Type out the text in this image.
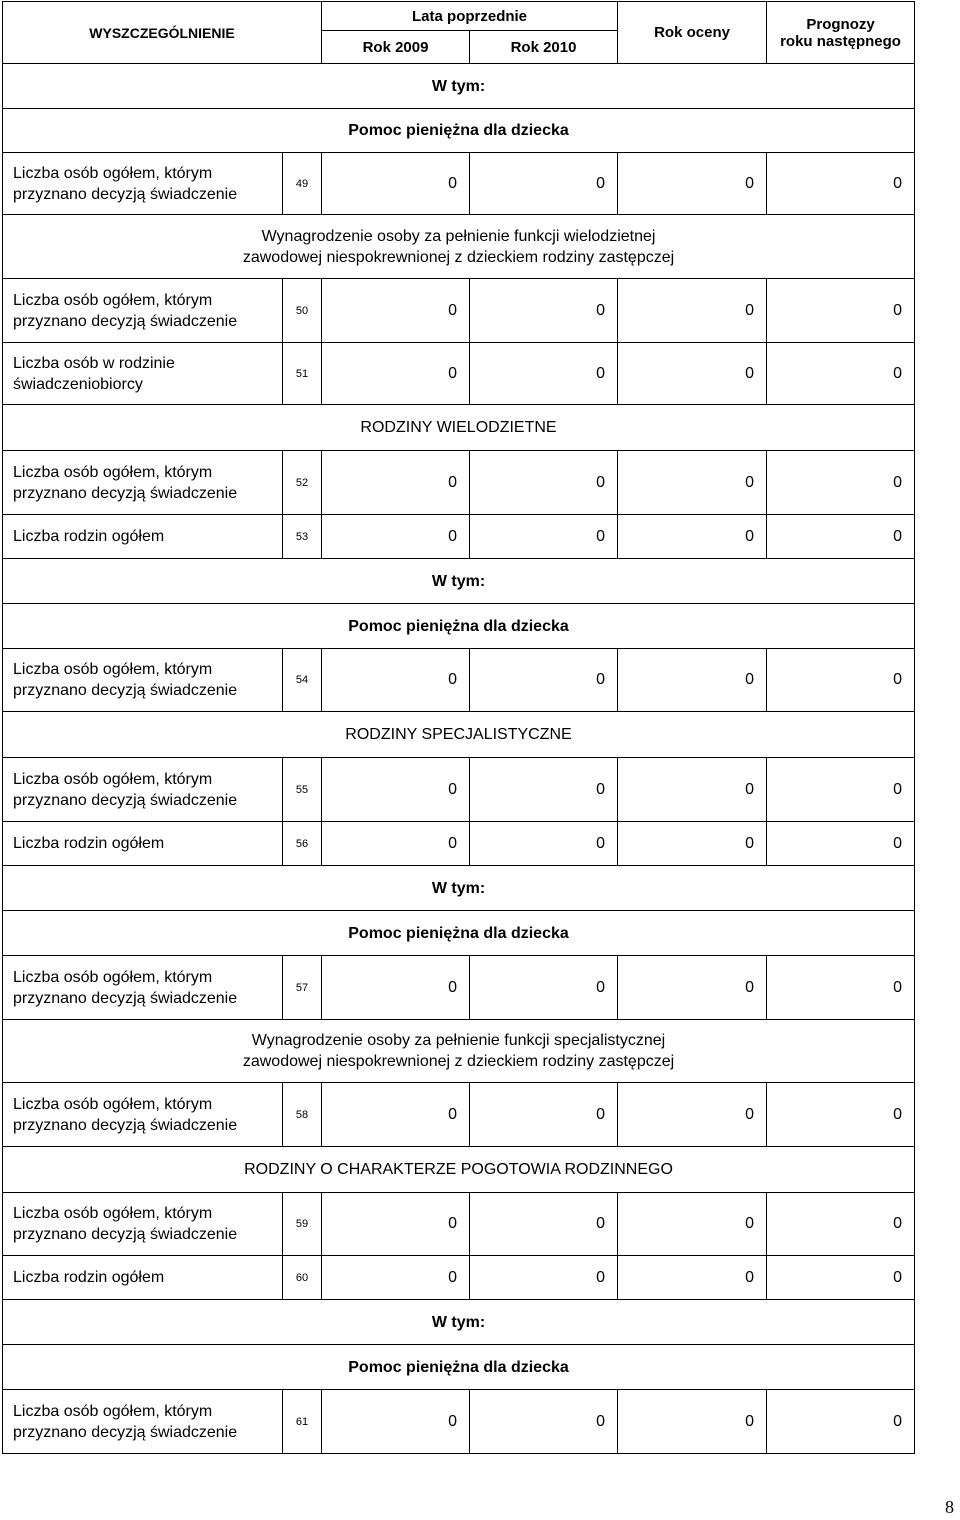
WYSZCZEGÓLNIENIE		Lata poprzednie		Rok oceny	Prognozy
roku następnego

		Rok 2009	Rok 2010		

W tym:					

Pomoc pieniężna dla dziecka					

Liczba osób ogółem, którym
przyznano decyzją świadczenie	49	0	0	0	0

Wynagrodzenie osoby za pełnienie funkcji wielodzietnej
zawodowej niespokrewnionej z dzieckiem rodziny zastępczej					

Liczba osób ogółem, którym
przyznano decyzją świadczenie	50	0	0	0	0

Liczba osób w rodzinie
świadczeniobiorcy	51	0	0	0	0

RODZINY WIELODZIETNE					

Liczba osób ogółem, którym
przyznano decyzją świadczenie	52	0	0	0	0

Liczba rodzin ogółem	53	0	0	0	0

W tym:					

Pomoc pieniężna dla dziecka					

Liczba osób ogółem, którym
przyznano decyzją świadczenie	54	0	0	0	0

RODZINY SPECJALISTYCZNE					

Liczba osób ogółem, którym
przyznano decyzją świadczenie	55	0	0	0	0

Liczba rodzin ogółem	56	0	0	0	0

W tym:					

Pomoc pieniężna dla dziecka					

Liczba osób ogółem, którym
przyznano decyzją świadczenie	57	0	0	0	0

Wynagrodzenie osoby za pełnienie funkcji specjalistycznej
zawodowej niespokrewnionej z dzieckiem rodziny zastępczej					

Liczba osób ogółem, którym
przyznano decyzją świadczenie	58	0	0	0	0

RODZINY O CHARAKTERZE POGOTOWIA RODZINNEGO					

Liczba osób ogółem, którym
przyznano decyzją świadczenie	59	0	0	0	0

Liczba rodzin ogółem	60	0	0	0	0

W tym:					

Pomoc pieniężna dla dziecka					

Liczba osób ogółem, którym
przyznano decyzją świadczenie	61	0	0	0	0
8
